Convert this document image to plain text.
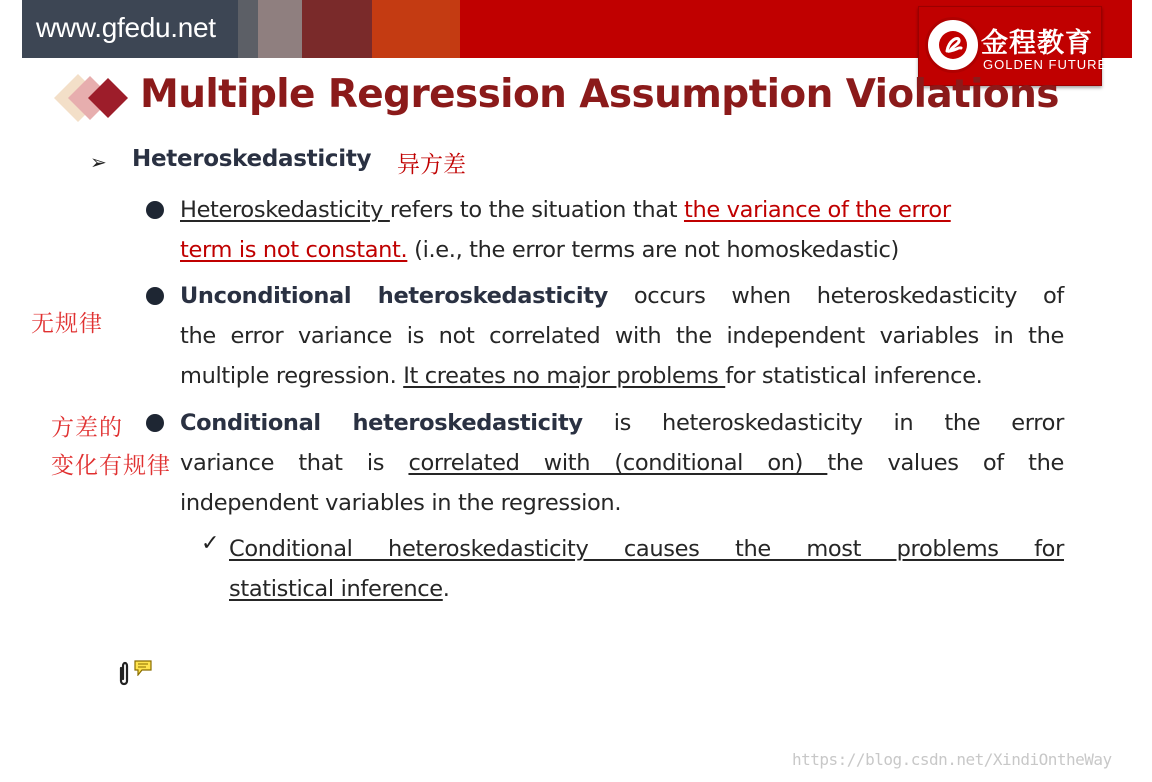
www.gfedu.net
金程教育
GOLDEN FUTURE
Multiple Regression Assumption Violations
➢ Heteroskedasticity 异方差
Heteroskedasticity refers to the situation that the variance of the error
term is not constant. (i.e., the error terms are not homoskedastic)
无规律
Unconditional heteroskedasticity occurs when heteroskedasticity of
the error variance is not correlated with the independent variables in the
multiple regression. It creates no major problems for statistical inference.
方差的
变化有规律
Conditional heteroskedasticity is heteroskedasticity in the error
variance that is correlated with (conditional on) the values of the
independent variables in the regression.
✓ Conditional heteroskedasticity causes the most problems for
statistical inference.
https://blog.csdn.net/XindiOntheWay
